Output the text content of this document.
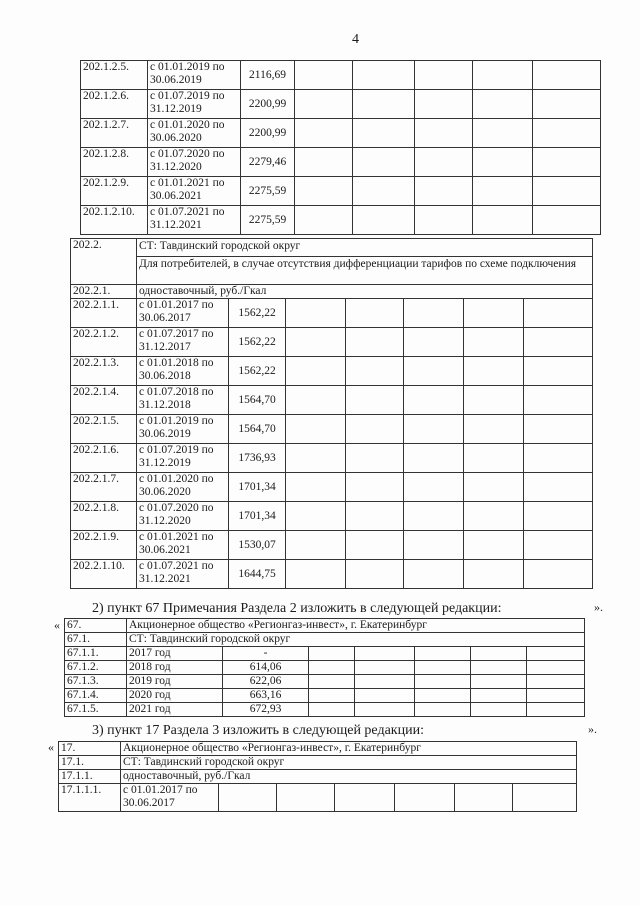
4
202.1.2.5.	с 01.01.2019 по 30.06.2019	2116,69					
202.1.2.6.	с 01.07.2019 по 31.12.2019	2200,99					
202.1.2.7.	с 01.01.2020 по 30.06.2020	2200,99					
202.1.2.8.	с 01.07.2020 по 31.12.2020	2279,46					
202.1.2.9.	с 01.01.2021 по 30.06.2021	2275,59					
202.1.2.10.	с 01.07.2021 по 31.12.2021	2275,59					
202.2.	СТ: Тавдинский городской округ
Для потребителей, в случае отсутствия дифференциации тарифов по схеме подключения						

202.2.1.	одноставочный, руб./Гкал						
202.2.1.1.	с 01.01.2017 по 30.06.2017	1562,22					
202.2.1.2.	с 01.07.2017 по 31.12.2017	1562,22					
202.2.1.3.	с 01.01.2018 по 30.06.2018	1562,22					
202.2.1.4.	с 01.07.2018 по 31.12.2018	1564,70					
202.2.1.5.	с 01.01.2019 по 30.06.2019	1564,70					
202.2.1.6.	с 01.07.2019 по 31.12.2019	1736,93					
202.2.1.7.	с 01.01.2020 по 30.06.2020	1701,34					
202.2.1.8.	с 01.07.2020 по 31.12.2020	1701,34					
202.2.1.9.	с 01.01.2021 по 30.06.2021	1530,07					
202.2.1.10.	с 01.07.2021 по 31.12.2021	1644,75					
».
2) пункт 67 Примечания Раздела 2 изложить в следующей редакции:
« 67.	Акционерное общество «Регионгаз-инвест», г. Екатеринбург						
67.1.	СТ: Тавдинский городской округ						
67.1.1.	2017 год	-					
67.1.2.	2018 год	614,06					
67.1.3.	2019 год	622,06					
67.1.4.	2020 год	663,16					
67.1.5.	2021 год	672,93					
».
3) пункт 17 Раздела 3 изложить в следующей редакции:
« 17.	Акционерное общество «Регионгаз-инвест», г. Екатеринбург						
17.1.	СТ: Тавдинский городской округ						
17.1.1.	одноставочный, руб./Гкал						
17.1.1.1.	с 01.01.2017 по 30.06.2017						
